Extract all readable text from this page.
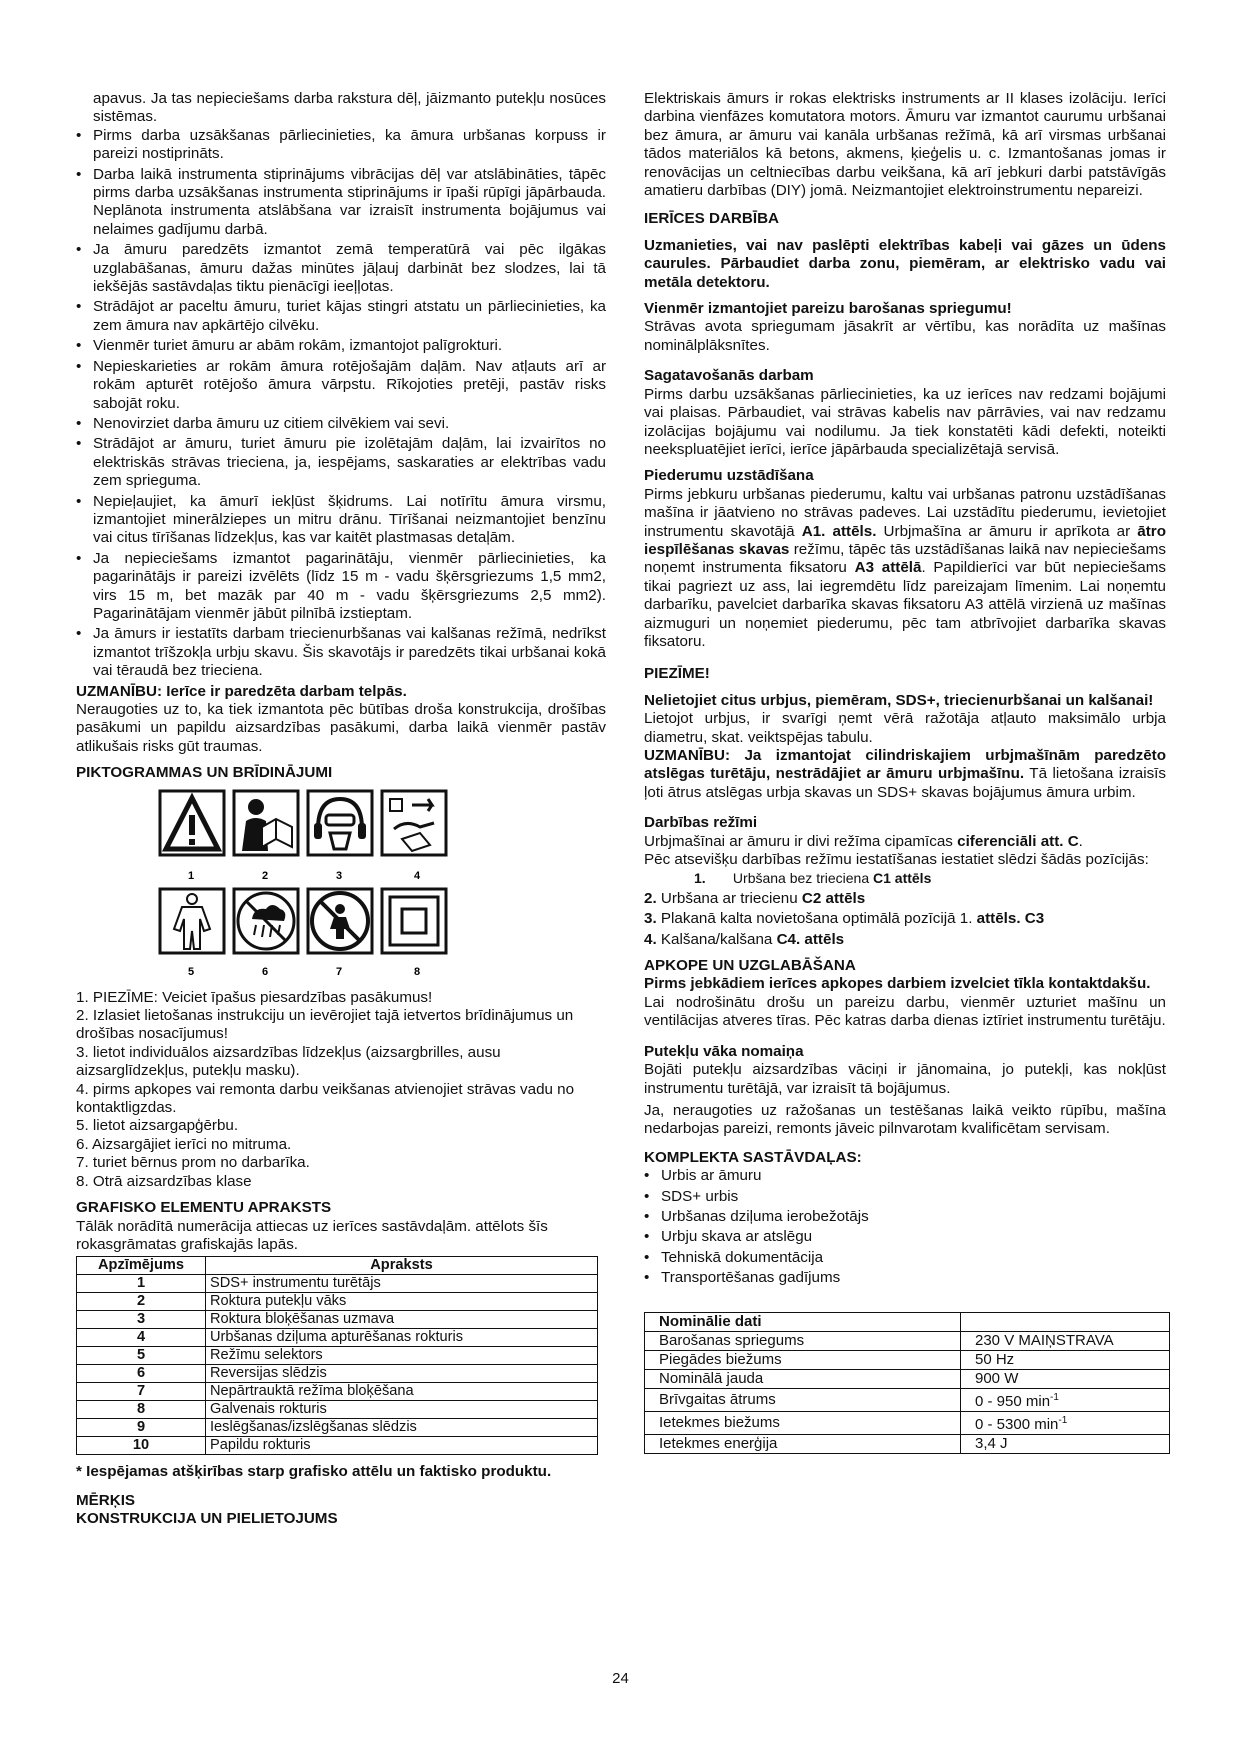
apavus. Ja tas nepieciešams darba rakstura dēļ, jāizmanto putekļu nosūces sistēmas.

• Pirms darba uzsākšanas pārliecinieties, ka āmura urbšanas korpuss ir pareizi nostiprināts.
• Darba laikā instrumenta stiprinājums vibrācijas dēļ var atslābināties, tāpēc pirms darba uzsākšanas instrumenta stiprinājums ir īpaši rūpīgi jāpārbauda. Neplānota instrumenta atslābšana var izraisīt instrumenta bojājumus vai nelaimes gadījumu darbā.
• Ja āmuru paredzēts izmantot zemā temperatūrā vai pēc ilgākas uzglabāšanas, āmuru dažas minūtes jāļauj darbināt bez slodzes, lai tā iekšējās sastāvdaļas tiktu pienācīgi ieeļļotas.
• Strādājot ar paceltu āmuru, turiet kājas stingri atstatu un pārliecinieties, ka zem āmura nav apkārtējo cilvēku.
• Vienmēr turiet āmuru ar abām rokām, izmantojot palīgrokturi.
• Nepieskarieties ar rokām āmura rotējošajām daļām. Nav atļauts arī ar rokām apturēt rotējošo āmura vārpstu. Rīkojoties pretēji, pastāv risks sabojāt roku.
• Nenovirziet darba āmuru uz citiem cilvēkiem vai sevi.
• Strādājot ar āmuru, turiet āmuru pie izolētajām daļām, lai izvairītos no elektriskās strāvas trieciena, ja, iespējams, saskaraties ar elektrības vadu zem sprieguma.
• Nepieļaujiet, ka āmurī iekļūst šķidrums. Lai notīrītu āmura virsmu, izmantojiet minerālziepes un mitru drānu. Tīrīšanai neizmantojiet benzīnu vai citus tīrīšanas līdzekļus, kas var kaitēt plastmasas detaļām.
• Ja nepieciešams izmantot pagarinātāju, vienmēr pārliecinieties, ka pagarinātājs ir pareizi izvēlēts (līdz 15 m - vadu šķērsgriezums 1,5 mm2, virs 15 m, bet mazāk par 40 m - vadu šķērsgriezums 2,5 mm2). Pagarinātājam vienmēr jābūt pilnībā izstieptam.
• Ja āmurs ir iestatīts darbam triecienurbšanas vai kalšanas režīmā, nedrīkst izmantot trīšzokļa urbju skavu. Šis skavotājs ir paredzēts tikai urbšanai kokā vai tēraudā bez trieciena.

UZMANĪBU: Ierīce ir paredzēta darbam telpās.

Neraugoties uz to, ka tiek izmantota pēc būtības droša konstrukcija, drošības pasākumi un papildu aizsardzības pasākumi, darba laikā vienmēr pastāv atlikušais risks gūt traumas.

PIKTOGRAMMAS UN BRĪDINĀJUMI

1	2	3	4
5	6	7	8

1. PIEZĪME: Veiciet īpašus piesardzības pasākumus!

2. Izlasiet lietošanas instrukciju un ievērojiet tajā ietvertos brīdinājumus un drošības nosacījumus!

3. lietot individuālos aizsardzības līdzekļus (aizsargbrilles, ausu aizsarglīdzekļus, putekļu masku).

4. pirms apkopes vai remonta darbu veikšanas atvienojiet strāvas vadu no kontaktligzdas.

5. lietot aizsargapģērbu.

6. Aizsargājiet ierīci no mitruma.

7. turiet bērnus prom no darbarīka.

8. Otrā aizsardzības klase

GRAFISKO ELEMENTU APRAKSTS

Tālāk norādītā numerācija attiecas uz ierīces sastāvdaļām. attēlots šīs rokasgrāmatas grafiskajās lapās.

Apzīmējums	Apraksts
1	SDS+ instrumentu turētājs
2	Roktura putekļu vāks
3	Roktura bloķēšanas uzmava
4	Urbšanas dziļuma apturēšanas rokturis
5	Režīmu selektors
6	Reversijas slēdzis
7	Nepārtrauktā režīma bloķēšana
8	Galvenais rokturis
9	Ieslēgšanas/izslēgšanas slēdzis
10	Papildu rokturis

* Iespējamas atšķirības starp grafisko attēlu un faktisko produktu.

MĒRĶIS

KONSTRUKCIJA UN PIELIETOJUMS

Elektriskais āmurs ir rokas elektrisks instruments ar II klases izolāciju. Ierīci darbina vienfāzes komutatora motors. Āmuru var izmantot caurumu urbšanai bez āmura, ar āmuru vai kanāla urbšanas režīmā, kā arī virsmas urbšanai tādos materiālos kā betons, akmens, ķieģelis u. c. Izmantošanas jomas ir renovācijas un celtniecības darbu veikšana, kā arī jebkuri darbi patstāvīgās amatieru darbības (DIY) jomā. Neizmantojiet elektroinstrumentu nepareizi.

IERĪCES DARBĪBA

Uzmanieties, vai nav paslēpti elektrības kabeļi vai gāzes un ūdens caurules. Pārbaudiet darba zonu, piemēram, ar elektrisko vadu vai metāla detektoru.

Vienmēr izmantojiet pareizu barošanas spriegumu!

Strāvas avota spriegumam jāsakrīt ar vērtību, kas norādīta uz mašīnas nominālplāksnītes.

Sagatavošanās darbam

Pirms darbu uzsākšanas pārliecinieties, ka uz ierīces nav redzami bojājumi vai plaisas. Pārbaudiet, vai strāvas kabelis nav pārrāvies, vai nav redzamu izolācijas bojājumu vai nodilumu. Ja tiek konstatēti kādi defekti, noteikti neekspluatējiet ierīci, ierīce jāpārbauda specializētajā servisā.

Piederumu uzstādīšana

Pirms jebkuru urbšanas piederumu, kaltu vai urbšanas patronu uzstādīšanas mašīna ir jāatvieno no strāvas padeves. Lai uzstādītu piederumu, ievietojiet instrumentu skavotājā A1. attēls. Urbjmašīna ar āmuru ir aprīkota ar ātro iespīlēšanas skavas režīmu, tāpēc tās uzstādīšanas laikā nav nepieciešams noņemt instrumenta fiksatoru A3 attēlā. Papildierīci var būt nepieciešams tikai pagriezt uz ass, lai iegremdētu līdz pareizajam līmenim. Lai noņemtu darbarīku, pavelciet darbarīka skavas fiksatoru A3 attēlā virzienā uz mašīnas aizmuguri un noņemiet piederumu, pēc tam atbrīvojiet darbarīka skavas fiksatoru.

PIEZĪME!

Nelietojiet citus urbjus, piemēram, SDS+, triecienurbšanai un kalšanai!

Lietojot urbjus, ir svarīgi ņemt vērā ražotāja atļauto maksimālo urbja diametru, skat. veiktspējas tabulu.

UZMANĪBU: Ja izmantojat cilindriskajiem urbjmašīnām paredzēto atslēgas turētāju, nestrādājiet ar āmuru urbjmašīnu. Tā lietošana izraisīs ļoti ātrus atslēgas urbja skavas un SDS+ skavas bojājumus āmura urbim.

Darbības režīmi

Urbjmašīnai ar āmuru ir divi režīma cipamīcas ciferenciāli att. C.

Pēc atsevišķu darbības režīmu iestatīšanas iestatiet slēdzi šādās pozīcijās:

1. Urbšana bez trieciena C1 attēls

2. Urbšana ar triecienu C2 attēls

3. Plakanā kalta novietošana optimālā pozīcijā 1. attēls. C3

4. Kalšana/kalšana C4. attēls

APKOPE UN UZGLABĀŠANA

Pirms jebkādiem ierīces apkopes darbiem izvelciet tīkla kontaktdakšu.

Lai nodrošinātu drošu un pareizu darbu, vienmēr uzturiet mašīnu un ventilācijas atveres tīras. Pēc katras darba dienas iztīriet instrumentu turētāju.

Putekļu vāka nomaiņa

Bojāti putekļu aizsardzības vāciņi ir jānomaina, jo putekļi, kas nokļūst instrumentu turētājā, var izraisīt tā bojājumus.

Ja, neraugoties uz ražošanas un testēšanas laikā veikto rūpību, mašīna nedarbojas pareizi, remonts jāveic pilnvarotam kvalificētam servisam.

KOMPLEKTA SASTĀVDAĻAS:

• Urbis ar āmuru
• SDS+ urbis
• Urbšanas dziļuma ierobežotājs
• Urbju skava ar atslēgu
• Tehniskā dokumentācija
• Transportēšanas gadījums
Nominālie dati	
Barošanas spriegums	230 V MAIŅSTRAVA
Piegādes biežums	50 Hz
Nominālā jauda	900 W
Brīvgaitas ātrums	0 - 950 $\min^{-1}$
Ietekmes biežums	0 - 5300 $\min^{-1}$
Ietekmes enerģija	3,4 J
24
